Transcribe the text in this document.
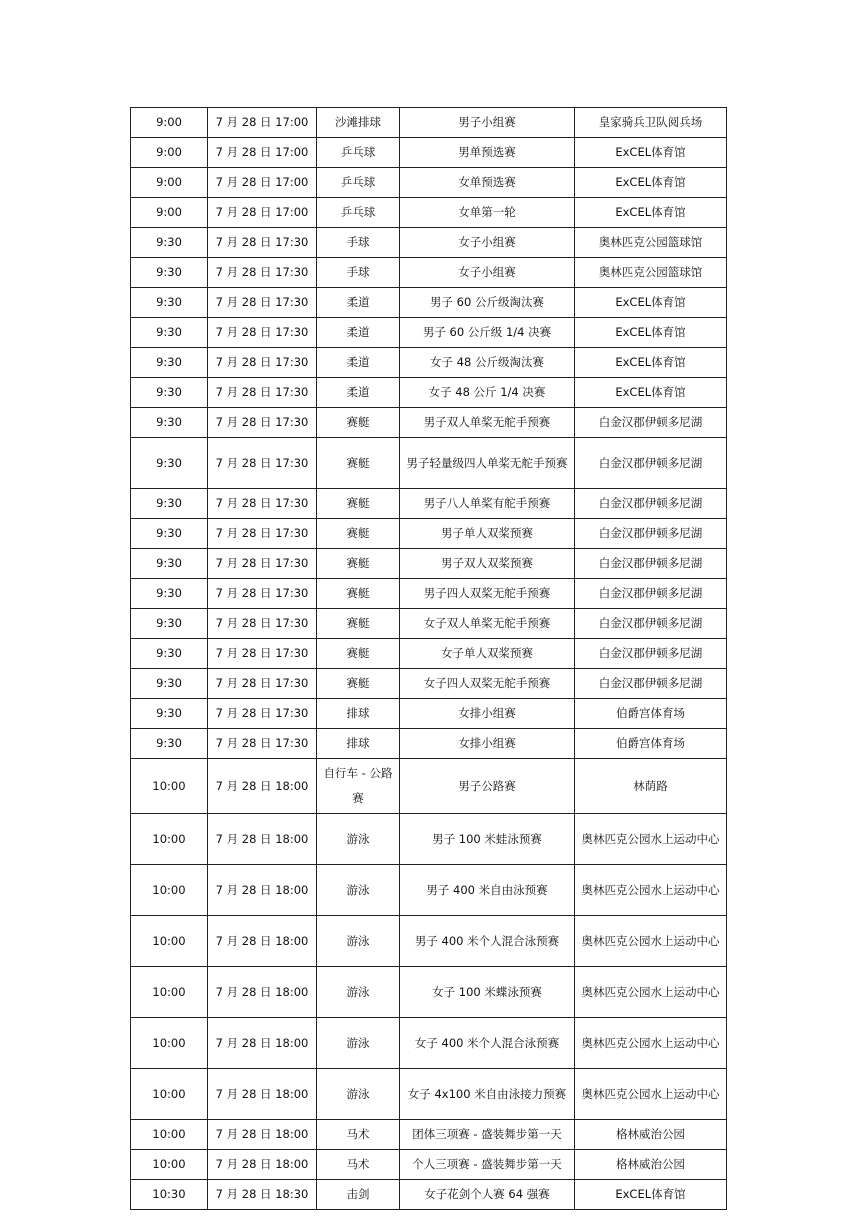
9:00	7 月 28 日 17:00	沙滩排球	男子小组赛	皇家骑兵卫队阅兵场
9:00	7 月 28 日 17:00	乒乓球	男单预选赛	ExCEL体育馆
9:00	7 月 28 日 17:00	乒乓球	女单预选赛	ExCEL体育馆
9:00	7 月 28 日 17:00	乒乓球	女单第一轮	ExCEL体育馆
9:30	7 月 28 日 17:30	手球	女子小组赛	奥林匹克公园篮球馆
9:30	7 月 28 日 17:30	手球	女子小组赛	奥林匹克公园篮球馆
9:30	7 月 28 日 17:30	柔道	男子 60 公斤级淘汰赛	ExCEL体育馆
9:30	7 月 28 日 17:30	柔道	男子 60 公斤级 1/4 决赛	ExCEL体育馆
9:30	7 月 28 日 17:30	柔道	女子 48 公斤级淘汰赛	ExCEL体育馆
9:30	7 月 28 日 17:30	柔道	女子 48 公斤 1/4 决赛	ExCEL体育馆
9:30	7 月 28 日 17:30	赛艇	男子双人单桨无舵手预赛	白金汉郡伊顿多尼湖
9:30	7 月 28 日 17:30	赛艇	男子轻量级四人单桨无舵手预赛	白金汉郡伊顿多尼湖
9:30	7 月 28 日 17:30	赛艇	男子八人单桨有舵手预赛	白金汉郡伊顿多尼湖
9:30	7 月 28 日 17:30	赛艇	男子单人双桨预赛	白金汉郡伊顿多尼湖
9:30	7 月 28 日 17:30	赛艇	男子双人双桨预赛	白金汉郡伊顿多尼湖
9:30	7 月 28 日 17:30	赛艇	男子四人双桨无舵手预赛	白金汉郡伊顿多尼湖
9:30	7 月 28 日 17:30	赛艇	女子双人单桨无舵手预赛	白金汉郡伊顿多尼湖
9:30	7 月 28 日 17:30	赛艇	女子单人双桨预赛	白金汉郡伊顿多尼湖
9:30	7 月 28 日 17:30	赛艇	女子四人双桨无舵手预赛	白金汉郡伊顿多尼湖
9:30	7 月 28 日 17:30	排球	女排小组赛	伯爵宫体育场
9:30	7 月 28 日 17:30	排球	女排小组赛	伯爵宫体育场
10:00	7 月 28 日 18:00	自行车 - 公路赛	男子公路赛	林荫路
10:00	7 月 28 日 18:00	游泳	男子 100 米蛙泳预赛	奥林匹克公园水上运动中心
10:00	7 月 28 日 18:00	游泳	男子 400 米自由泳预赛	奥林匹克公园水上运动中心
10:00	7 月 28 日 18:00	游泳	男子 400 米个人混合泳预赛	奥林匹克公园水上运动中心
10:00	7 月 28 日 18:00	游泳	女子 100 米蝶泳预赛	奥林匹克公园水上运动中心
10:00	7 月 28 日 18:00	游泳	女子 400 米个人混合泳预赛	奥林匹克公园水上运动中心
10:00	7 月 28 日 18:00	游泳	女子 4x100 米自由泳接力预赛	奥林匹克公园水上运动中心
10:00	7 月 28 日 18:00	马术	团体三项赛 - 盛装舞步第一天	格林威治公园
10:00	7 月 28 日 18:00	马术	个人三项赛 - 盛装舞步第一天	格林威治公园
10:30	7 月 28 日 18:30	击剑	女子花剑个人赛 64 强赛	ExCEL体育馆
